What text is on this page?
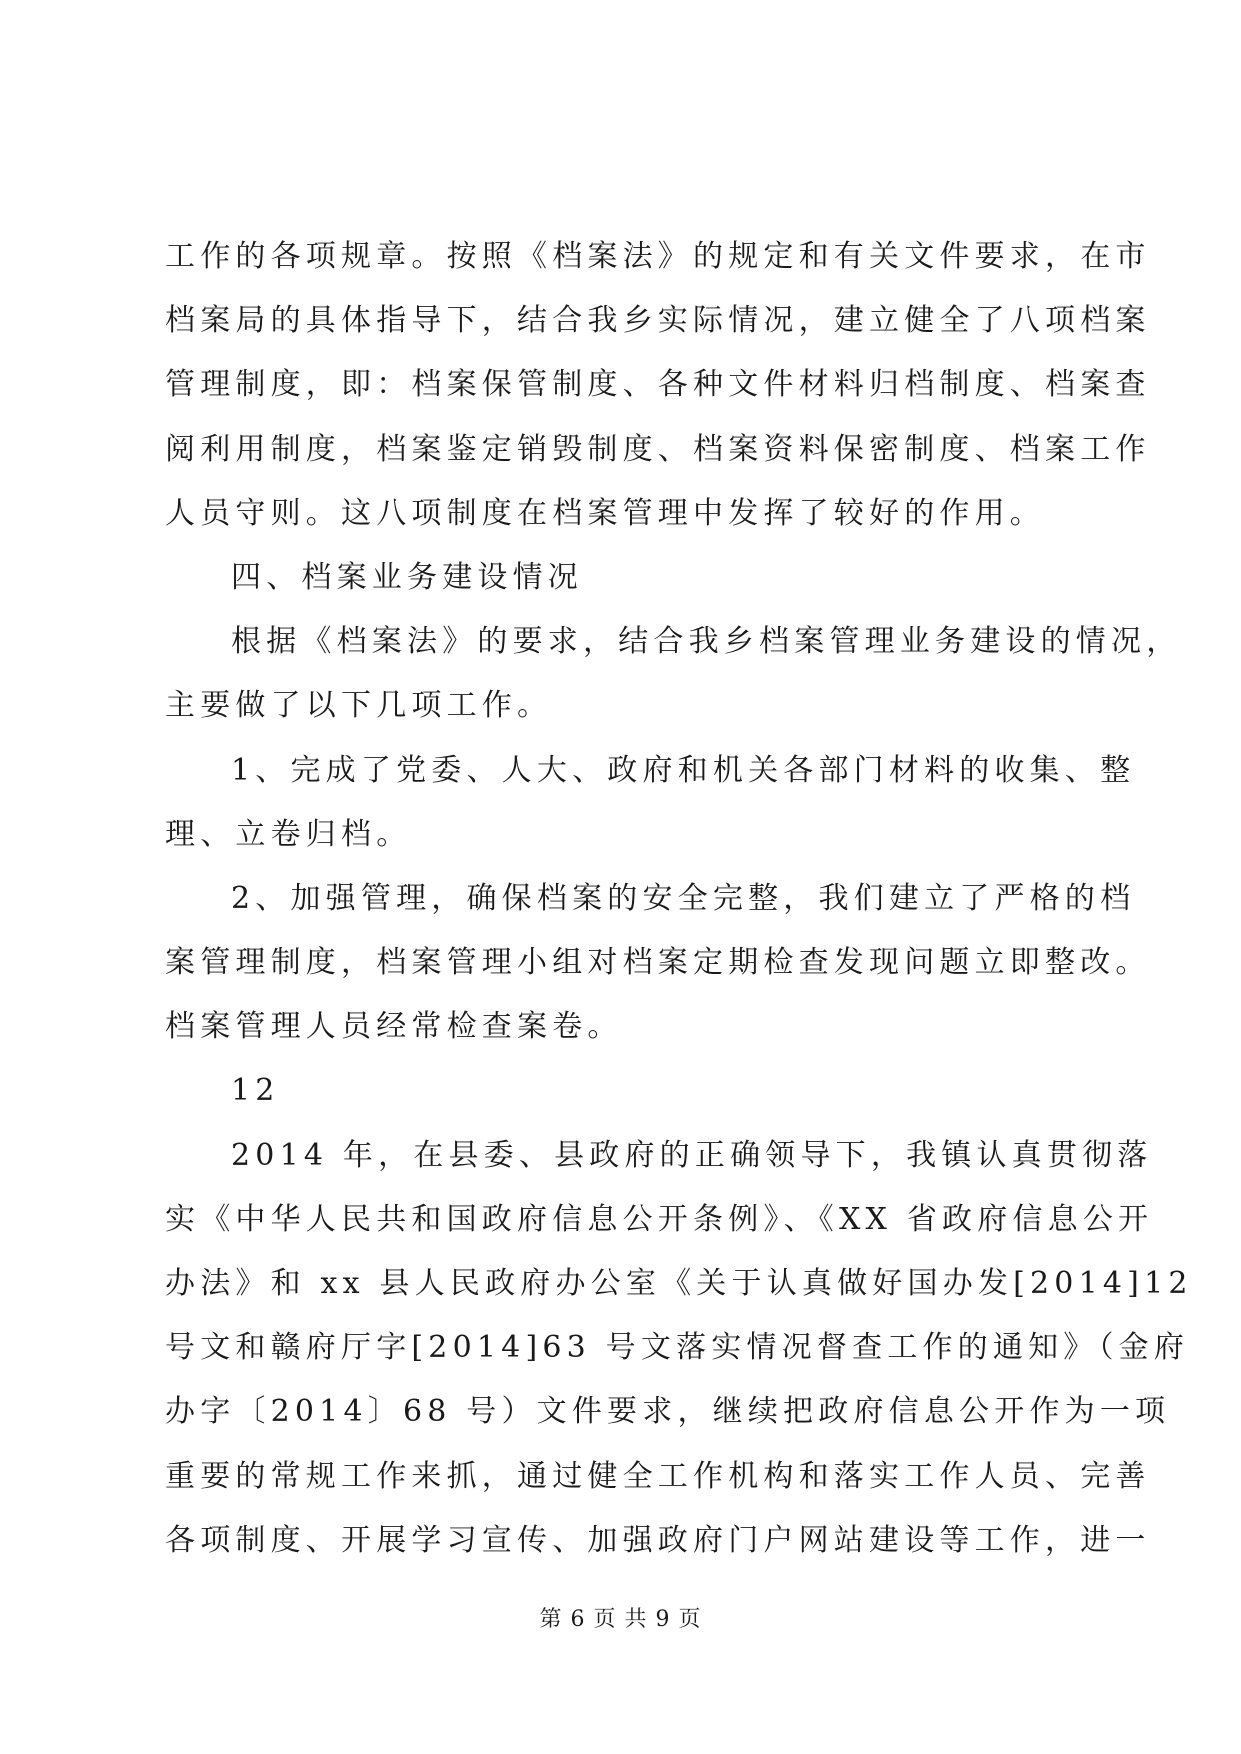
工作的各项规章。按照《档案法》的规定和有关文件要求，在市
档案局的具体指导下，结合我乡实际情况，建立健全了八项档案
管理制度，即：档案保管制度、各种文件材料归档制度、档案查
阅利用制度，档案鉴定销毁制度、档案资料保密制度、档案工作
人员守则。这八项制度在档案管理中发挥了较好的作用。
四、档案业务建设情况
根据《档案法》的要求，结合我乡档案管理业务建设的情况，
主要做了以下几项工作。
1、完成了党委、人大、政府和机关各部门材料的收集、整
理、立卷归档。
2、加强管理，确保档案的安全完整，我们建立了严格的档
案管理制度，档案管理小组对档案定期检查发现问题立即整改。
档案管理人员经常检查案卷。
12
2014 年，在县委、县政府的正确领导下，我镇认真贯彻落
实《中华人民共和国政府信息公开条例》、《XX 省政府信息公开
办法》和 xx 县人民政府办公室《关于认真做好国办发[2014]12
号文和赣府厅字[2014]63 号文落实情况督查工作的通知》（金府
办字〔2014〕68 号）文件要求，继续把政府信息公开作为一项
重要的常规工作来抓，通过健全工作机构和落实工作人员、完善
各项制度、开展学习宣传、加强政府门户网站建设等工作，进一
第 6 页 共 9 页
